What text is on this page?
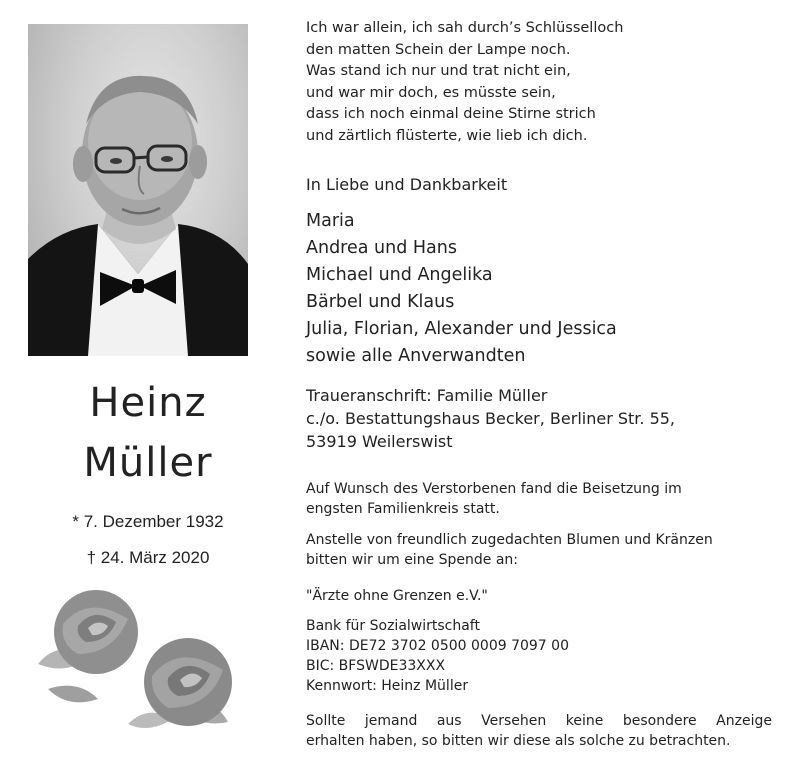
Heinz
Müller
* 7. Dezember 1932
† 24. März 2020
Ich war allein, ich sah durch’s Schlüsselloch
den matten Schein der Lampe noch.
Was stand ich nur und trat nicht ein,
und war mir doch, es müsste sein,
dass ich noch einmal deine Stirne strich
und zärtlich flüsterte, wie lieb ich dich.
In Liebe und Dankbarkeit
Maria
Andrea und Hans
Michael und Angelika
Bärbel und Klaus
Julia, Florian, Alexander und Jessica
sowie alle Anverwandten
Traueranschrift: Familie Müller
c./o. Bestattungshaus Becker, Berliner Str. 55,
53919 Weilerswist
Auf Wunsch des Verstorbenen fand die Beisetzung im
engsten Familienkreis statt.
Anstelle von freundlich zugedachten Blumen und Kränzen
bitten wir um eine Spende an:
"Ärzte ohne Grenzen e.V."
Bank für Sozialwirtschaft
IBAN: DE72 3702 0500 0009 7097 00
BIC: BFSWDE33XXX
Kennwort: Heinz Müller
Sollte jemand aus Versehen keine besondere Anzeige
erhalten haben, so bitten wir diese als solche zu betrachten.
